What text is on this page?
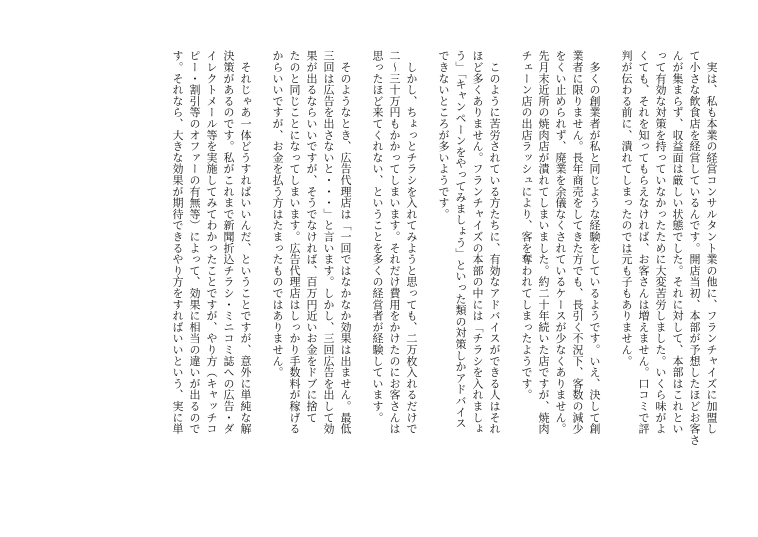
　実は、私も本業の経営コンサルタント業の他に、フランチャイズに加盟し
て小さな飲食店を経営しているんです。開店当初、本部が予想したほどお客さ
んが集まらず、収益面は厳しい状態でした。それに対して、本部はこれとい
って有効な対策を持っていなかったために大変苦労しました。いくら味がよ
くても、それを知ってもらえなければ、お客さんは増えません。口コミで評
判が伝わる前に、潰れてしまったのでは元も子もありません。
　多くの創業者が私と同じような経験をしているようです。いえ、決して創
業者に限りません。長年商売をしてきた方でも、長引く不況下、客数の減少
をくい止められず、廃業を余儀なくされているケースが少なくありません。
先月末近所の焼肉店が潰れてしまいました。約二十年続いた店ですが、焼肉
チェーン店の出店ラッシュにより、客を奪われてしまったようです。
　このように苦労されている方たちに、有効なアドバイスができる人はそれ
ほど多くありません。フランチャイズの本部の中には「チラシを入れましょ
う」「キャンペーンをやってみましょう」といった類の対策しかアドバイス
できないところが多いようです。
　しかし、ちょっとチラシを入れてみようと思っても、二万枚入れるだけで
二〜三十万円もかかってしまいます。それだけ費用をかけたのにお客さんは
思ったほど来てくれない、ということを多くの経営者が経験しています。
　そのようなとき、広告代理店は「一回ではなかなか効果は出ません。最低
三回は広告を出さないと・・・」と言います。しかし、三回広告を出して効
果が出るならいいですが、そうでなければ、百万円近いお金をドブに捨て
たのと同じことになってしまいます。広告代理店はしっかり手数料が稼げる
からいいですが、お金を払う方はたまったものではありません。
　それじゃあ一体どうすればいいんだ、ということですが、意外に単純な解
決策があるのです。私がこれまで新聞折込チラシ・ミニコミ誌への広告・ダ
イレクトメール等を実施してみてわかったことですが、やり方（キャッチコ
ピー・割引等のオファーの有無等）によって、効果に相当の違いが出るので
す。それなら、大きな効果が期待できるやり方をすればいいという、実に単
